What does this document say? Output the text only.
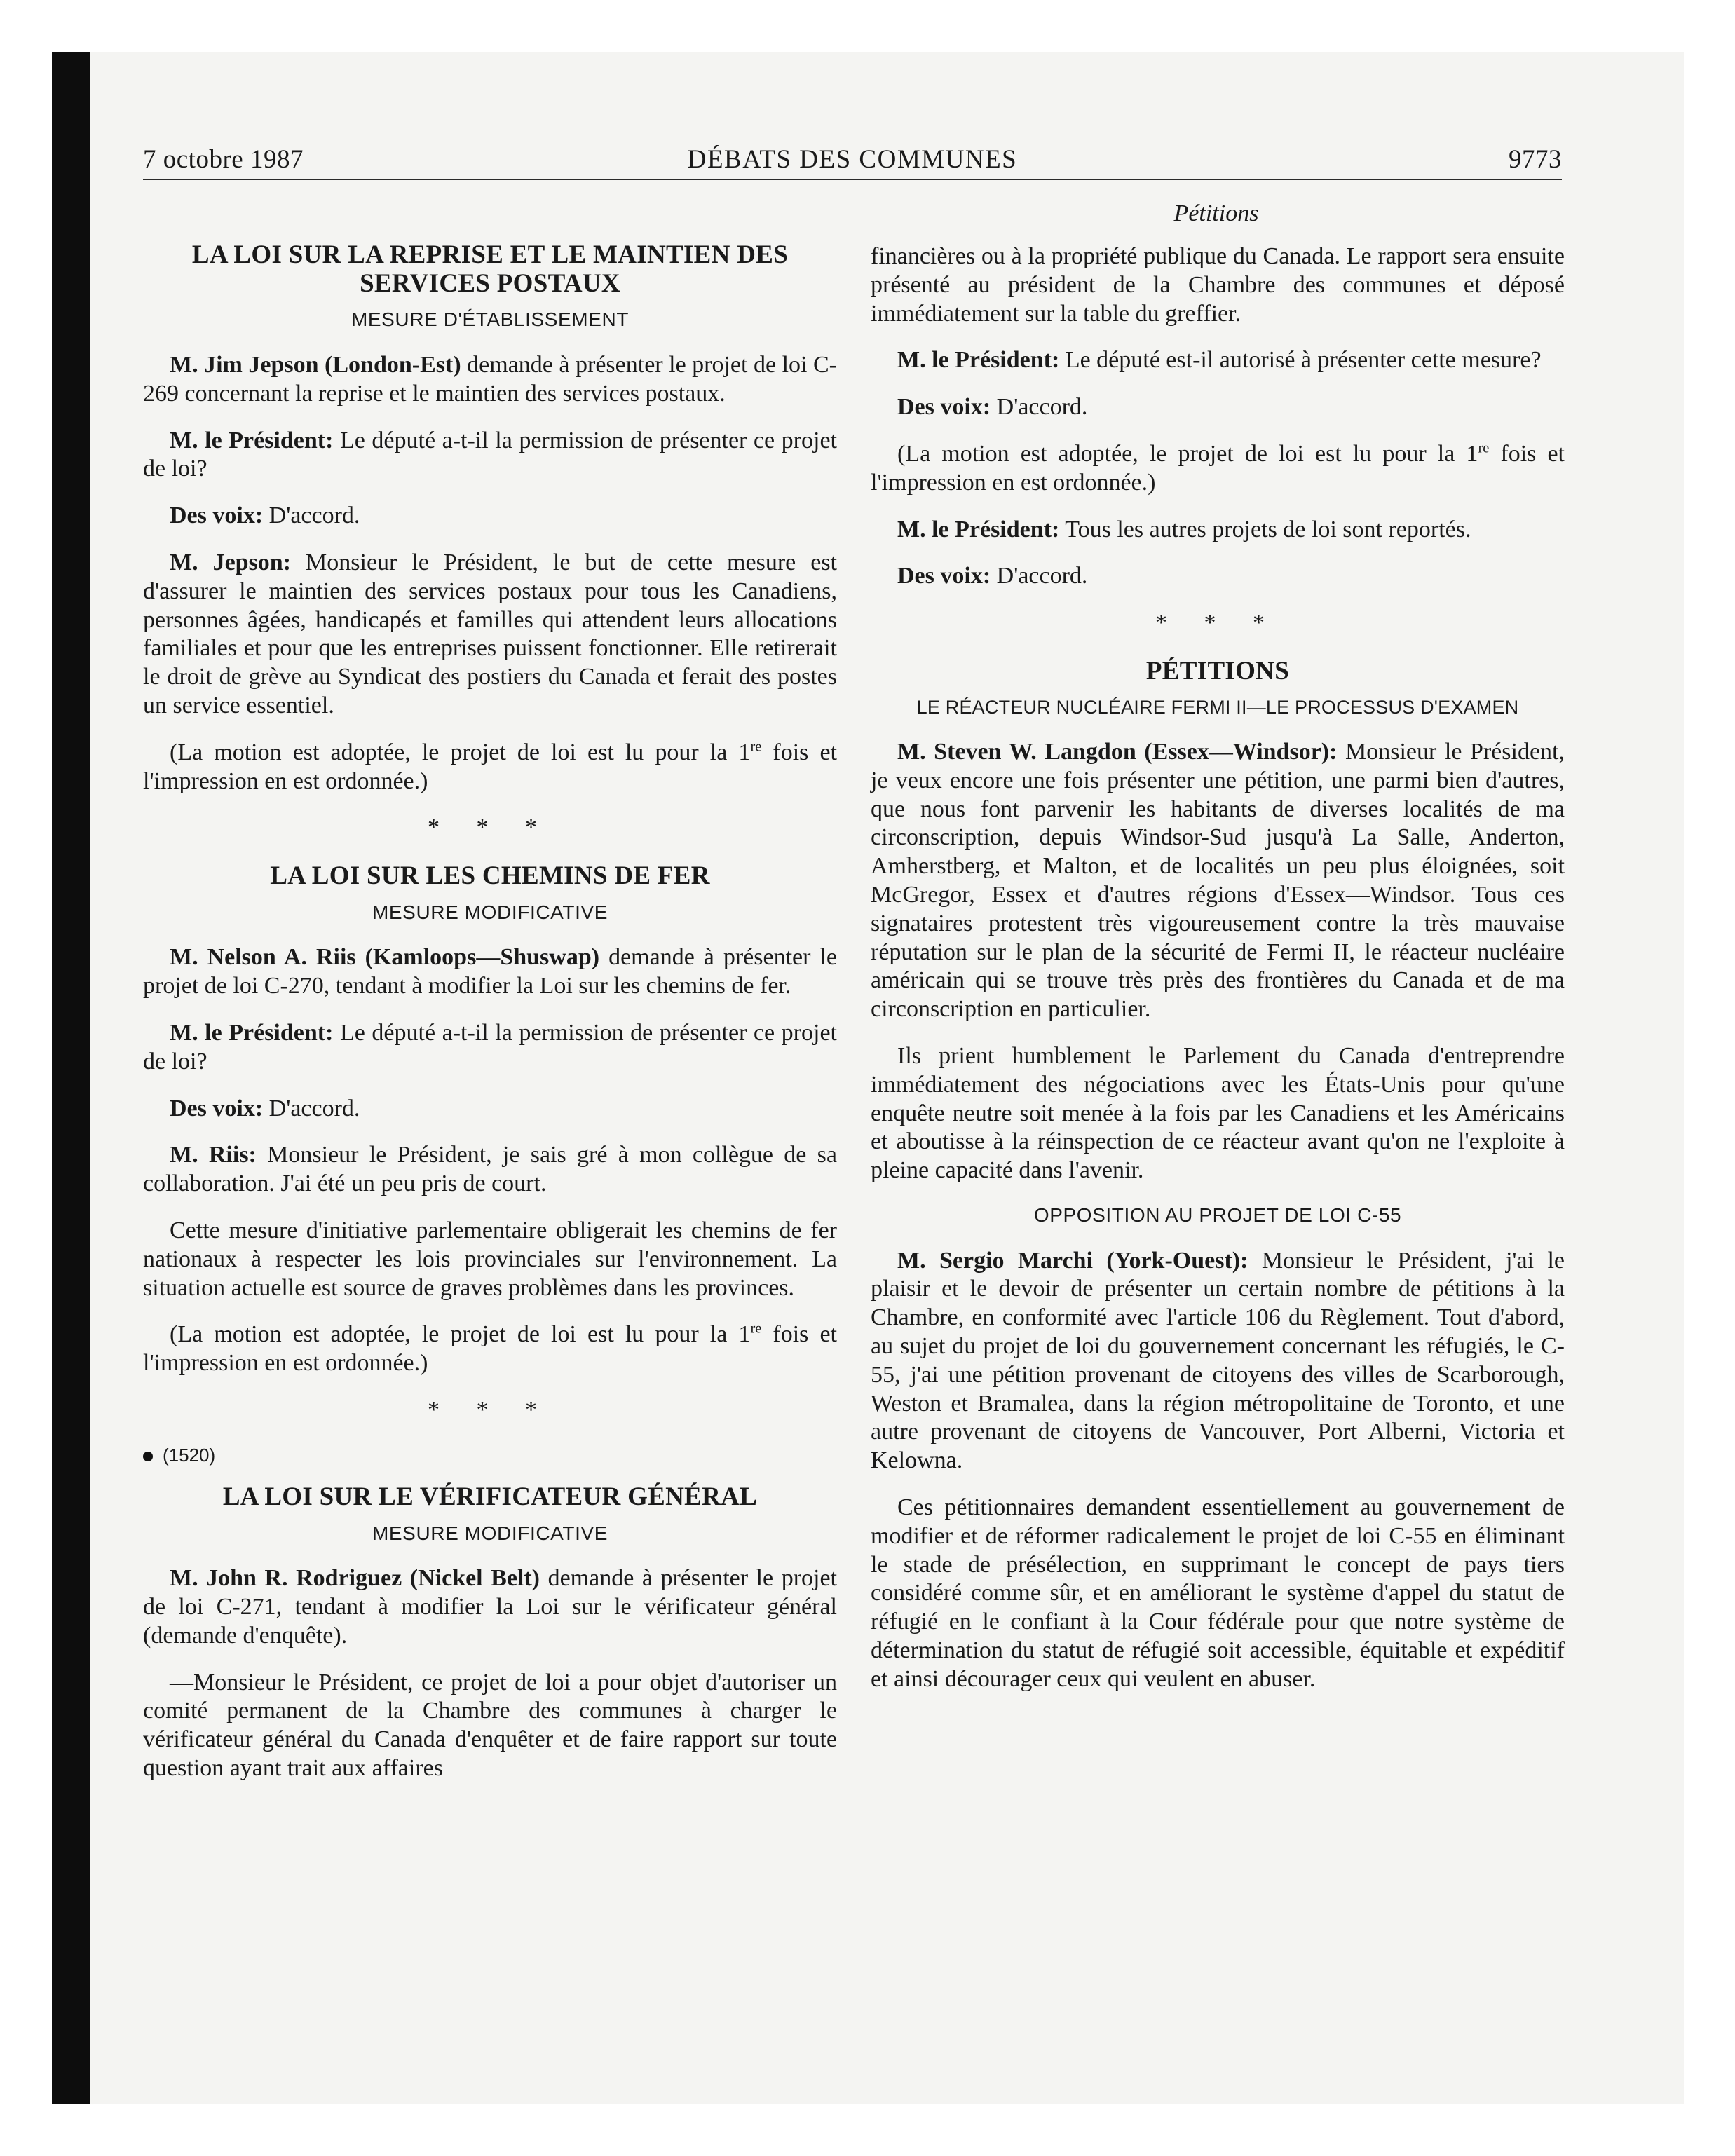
7 octobre 1987	DÉBATS DES COMMUNES	9773
Pétitions
LA LOI SUR LA REPRISE ET LE MAINTIEN DES SERVICES POSTAUX
MESURE D'ÉTABLISSEMENT

M. Jim Jepson (London-Est) demande à présenter le projet de loi C-269 concernant la reprise et le maintien des services postaux.

M. le Président: Le député a-t-il la permission de présenter ce projet de loi?

Des voix: D'accord.

M. Jepson: Monsieur le Président, le but de cette mesure est d'assurer le maintien des services postaux pour tous les Canadiens, personnes âgées, handicapés et familles qui attendent leurs allocations familiales et pour que les entreprises puissent fonctionner. Elle retirerait le droit de grève au Syndicat des postiers du Canada et ferait des postes un service essentiel.

(La motion est adoptée, le projet de loi est lu pour la 1re fois et l'impression en est ordonnée.)

* * *
LA LOI SUR LES CHEMINS DE FER
MESURE MODIFICATIVE

M. Nelson A. Riis (Kamloops—Shuswap) demande à présenter le projet de loi C-270, tendant à modifier la Loi sur les chemins de fer.

M. le Président: Le député a-t-il la permission de présenter ce projet de loi?

Des voix: D'accord.

M. Riis: Monsieur le Président, je sais gré à mon collègue de sa collaboration. J'ai été un peu pris de court.

Cette mesure d'initiative parlementaire obligerait les chemins de fer nationaux à respecter les lois provinciales sur l'environnement. La situation actuelle est source de graves problèmes dans les provinces.

(La motion est adoptée, le projet de loi est lu pour la 1re fois et l'impression en est ordonnée.)

* * *
(1520)
LA LOI SUR LE VÉRIFICATEUR GÉNÉRAL
MESURE MODIFICATIVE

M. John R. Rodriguez (Nickel Belt) demande à présenter le projet de loi C-271, tendant à modifier la Loi sur le vérificateur général (demande d'enquête).

—Monsieur le Président, ce projet de loi a pour objet d'autoriser un comité permanent de la Chambre des communes à charger le vérificateur général du Canada d'enquêter et de faire rapport sur toute question ayant trait aux affaires

financières ou à la propriété publique du Canada. Le rapport sera ensuite présenté au président de la Chambre des communes et déposé immédiatement sur la table du greffier.

M. le Président: Le député est-il autorisé à présenter cette mesure?

Des voix: D'accord.

(La motion est adoptée, le projet de loi est lu pour la 1re fois et l'impression en est ordonnée.)

M. le Président: Tous les autres projets de loi sont reportés.

Des voix: D'accord.

* * *
PÉTITIONS
LE RÉACTEUR NUCLÉAIRE FERMI II—LE PROCESSUS D'EXAMEN

M. Steven W. Langdon (Essex—Windsor): Monsieur le Président, je veux encore une fois présenter une pétition, une parmi bien d'autres, que nous font parvenir les habitants de diverses localités de ma circonscription, depuis Windsor-Sud jusqu'à La Salle, Anderton, Amherstberg, et Malton, et de localités un peu plus éloignées, soit McGregor, Essex et d'autres régions d'Essex—Windsor. Tous ces signataires protestent très vigoureusement contre la très mauvaise réputation sur le plan de la sécurité de Fermi II, le réacteur nucléaire américain qui se trouve très près des frontières du Canada et de ma circonscription en particulier.

Ils prient humblement le Parlement du Canada d'entreprendre immédiatement des négociations avec les États-Unis pour qu'une enquête neutre soit menée à la fois par les Canadiens et les Américains et aboutisse à la réinspection de ce réacteur avant qu'on ne l'exploite à pleine capacité dans l'avenir.

OPPOSITION AU PROJET DE LOI C-55

M. Sergio Marchi (York-Ouest): Monsieur le Président, j'ai le plaisir et le devoir de présenter un certain nombre de pétitions à la Chambre, en conformité avec l'article 106 du Règlement. Tout d'abord, au sujet du projet de loi du gouvernement concernant les réfugiés, le C-55, j'ai une pétition provenant de citoyens des villes de Scarborough, Weston et Bramalea, dans la région métropolitaine de Toronto, et une autre provenant de citoyens de Vancouver, Port Alberni, Victoria et Kelowna.

Ces pétitionnaires demandent essentiellement au gouvernement de modifier et de réformer radicalement le projet de loi C-55 en éliminant le stade de présélection, en supprimant le concept de pays tiers considéré comme sûr, et en améliorant le système d'appel du statut de réfugié en le confiant à la Cour fédérale pour que notre système de détermination du statut de réfugié soit accessible, équitable et expéditif et ainsi décourager ceux qui veulent en abuser.
